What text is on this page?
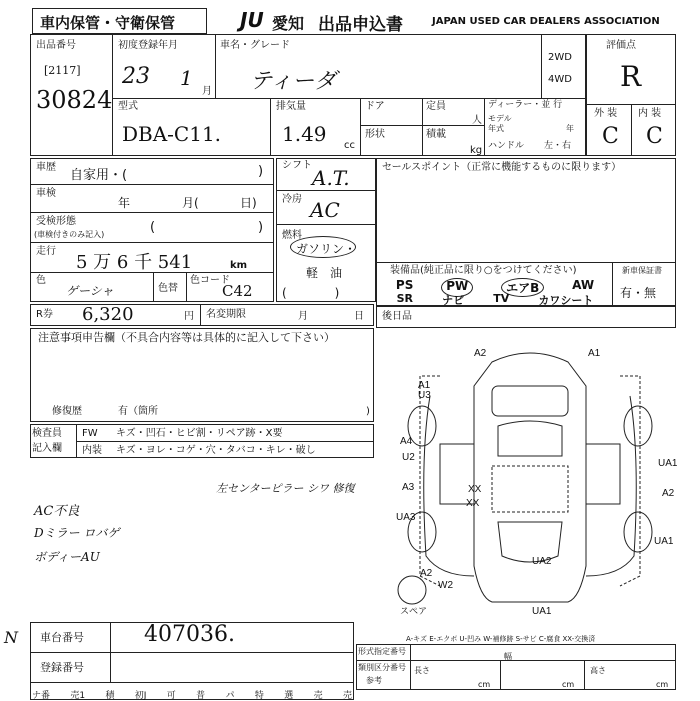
車内保管・守衛保管	JU 愛知 出品申込書	JAPAN USED CAR DEALERS ASSOCIATION
出品番号
[2117]
30824
初度登録年月
23 1
月
車名・グレード
ティーダ
2WD
4WD
評価点
R
外 装 内 装
C C
型式
DBA-C11.
排気量
1.49 cc
ドア	定員
人
形状	積載
kg
ディーラー・並 行
モデル
年式	年
ハンドル 左・右
車歴
自家用・(	)
車検
年	月(	日)
受検形態
(車検付きのみ記入)	(	)
走行
5 万 6 千 541	km
色
ゲーシャ	色替
色コード
C42
シフト
A.T.
冷房 AC
燃料
ガソリン・
軽　油
(　　　　)
セールスポイント（正常に機能するものに限ります）
装備品(純正品に限り○をつけてください)
PS	PW	エアB	AW
SR	ナビ	TV	カワシート
新車保証書
有・無
R券 6,320	円 名変期限	月	日 後日品
注意事項申告欄（不具合内容等は具体的に記入して下さい）
修復歴	有（箇所	)
検査員
記入欄
FW キズ・凹石・ヒビ割・リペア跡・X要
内装 キズ・ヨレ・コゲ・穴・タバコ・キレ・破し
左センターピラー シワ 修復
AC不良
Dミラー ロバゲ
ボディーAU
A2	A1
A1
U3
A4
U2
A3
UA3
UA1
A2
UA1
A2
W2
UA2
UA1
XX
XX
スペア
A-キズ E-エクボ U-凹み W-補修跡 S-サビ C-腐食 XX-交換済
N 車台番号	407036.
登録番号
ナ番 売1 積 初J 可 普 パ 特 選 売 売
形式指定番号
類別区分番号
参考
長さ
cm
幅
cm
高さ
cm
